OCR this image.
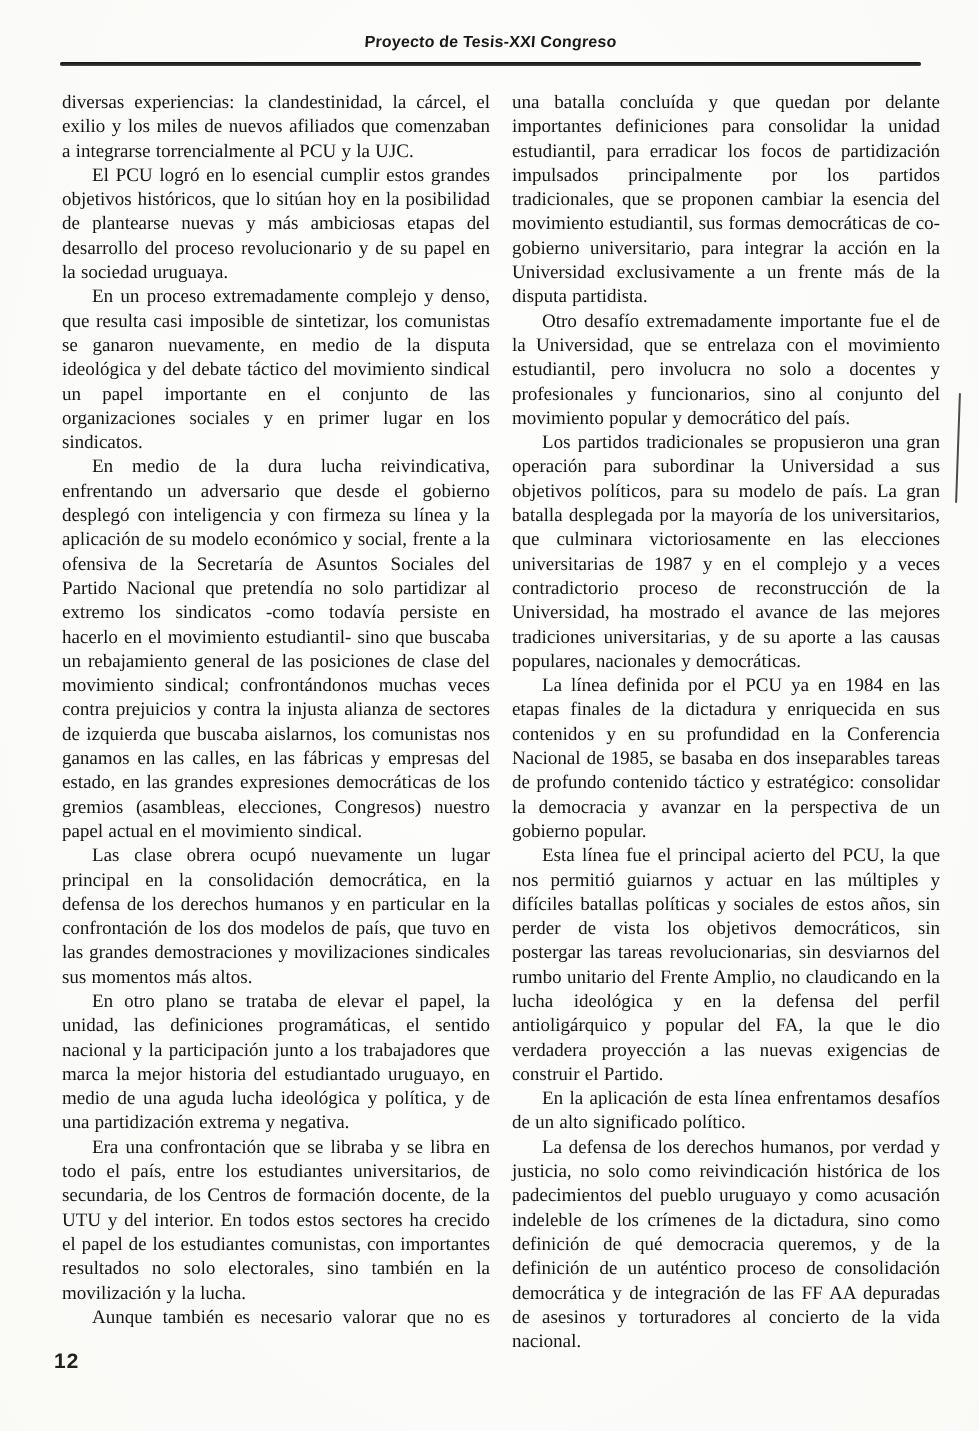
Proyecto de Tesis-XXI Congreso

diversas experiencias: la clandestinidad, la cárcel, el exilio y los miles de nuevos afiliados que comenzaban a integrarse torrencialmente al PCU y la UJC.

El PCU logró en lo esencial cumplir estos grandes objetivos históricos, que lo sitúan hoy en la posibilidad de plantearse nuevas y más ambiciosas etapas del desarrollo del proceso revolucionario y de su papel en la sociedad uruguaya.

En un proceso extremadamente complejo y denso, que resulta casi imposible de sintetizar, los comunistas se ganaron nuevamente, en medio de la disputa ideológica y del debate táctico del movimiento sindical un papel importante en el conjunto de las organizaciones sociales y en primer lugar en los sindicatos.

En medio de la dura lucha reivindicativa, enfrentando un adversario que desde el gobierno desplegó con inteligencia y con firmeza su línea y la aplicación de su modelo económico y social, frente a la ofensiva de la Secretaría de Asuntos Sociales del Partido Nacional que pretendía no solo partidizar al extremo los sindicatos -como todavía persiste en hacerlo en el movimiento estudiantil- sino que buscaba un rebajamiento general de las posiciones de clase del movimiento sindical; confrontándonos muchas veces contra prejuicios y contra la injusta alianza de sectores de izquierda que buscaba aislarnos, los comunistas nos ganamos en las calles, en las fábricas y empresas del estado, en las grandes expresiones democráticas de los gremios (asambleas, elecciones, Congresos) nuestro papel actual en el movimiento sindical.

Las clase obrera ocupó nuevamente un lugar principal en la consolidación democrática, en la defensa de los derechos humanos y en particular en la confrontación de los dos modelos de país, que tuvo en las grandes demostraciones y movilizaciones sindicales sus momentos más altos.

En otro plano se trataba de elevar el papel, la unidad, las definiciones programáticas, el sentido nacional y la participación junto a los trabajadores que marca la mejor historia del estudiantado uruguayo, en medio de una aguda lucha ideológica y política, y de una partidización extrema y negativa.

Era una confrontación que se libraba y se libra en todo el país, entre los estudiantes universitarios, de secundaria, de los Centros de formación docente, de la UTU y del interior. En todos estos sectores ha crecido el papel de los estudiantes comunistas, con importantes resultados no solo electorales, sino también en la movilización y la lucha.

Aunque también es necesario valorar que no es

una batalla concluída y que quedan por delante importantes definiciones para consolidar la unidad estudiantil, para erradicar los focos de partidización impulsados principalmente por los partidos tradicionales, que se proponen cambiar la esencia del movimiento estudiantil, sus formas democráticas de co-gobierno universitario, para integrar la acción en la Universidad exclusivamente a un frente más de la disputa partidista.

Otro desafío extremadamente importante fue el de la Universidad, que se entrelaza con el movimiento estudiantil, pero involucra no solo a docentes y profesionales y funcionarios, sino al conjunto del movimiento popular y democrático del país.

Los partidos tradicionales se propusieron una gran operación para subordinar la Universidad a sus objetivos políticos, para su modelo de país. La gran batalla desplegada por la mayoría de los universitarios, que culminara victoriosamente en las elecciones universitarias de 1987 y en el complejo y a veces contradictorio proceso de reconstrucción de la Universidad, ha mostrado el avance de las mejores tradiciones universitarias, y de su aporte a las causas populares, nacionales y democráticas.

La línea definida por el PCU ya en 1984 en las etapas finales de la dictadura y enriquecida en sus contenidos y en su profundidad en la Conferencia Nacional de 1985, se basaba en dos inseparables tareas de profundo contenido táctico y estratégico: consolidar la democracia y avanzar en la perspectiva de un gobierno popular.

Esta línea fue el principal acierto del PCU, la que nos permitió guiarnos y actuar en las múltiples y difíciles batallas políticas y sociales de estos años, sin perder de vista los objetivos democráticos, sin postergar las tareas revolucionarias, sin desviarnos del rumbo unitario del Frente Amplio, no claudicando en la lucha ideológica y en la defensa del perfil antioligárquico y popular del FA, la que le dio verdadera proyección a las nuevas exigencias de construir el Partido.

En la aplicación de esta línea enfrentamos desafíos de un alto significado político.

La defensa de los derechos humanos, por verdad y justicia, no solo como reivindicación histórica de los padecimientos del pueblo uruguayo y como acusación indeleble de los crímenes de la dictadura, sino como definición de qué democracia queremos, y de la definición de un auténtico proceso de consolidación democrática y de integración de las FF AA depuradas de asesinos y torturadores al concierto de la vida nacional.

12
